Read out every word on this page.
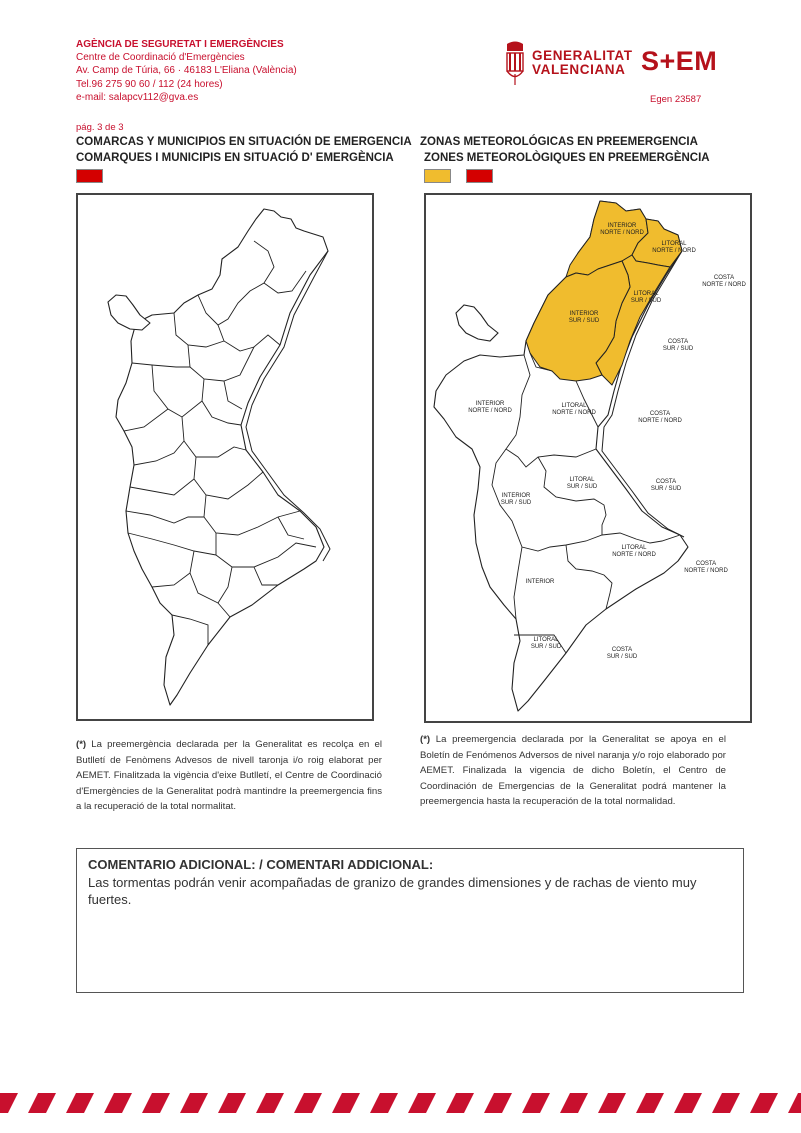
AGÈNCIA DE SEGURETAT I EMERGÈNCIES
Centre de Coordinació d'Emergències
Av. Camp de Túria, 66 · 46183 L'Eliana (València)
Tel.96 275 90 60 / 112 (24 hores)
e-mail: salapcv112@gva.es
GENERALITAT
VALENCIANA S+EM
Egen 23587
pág. 3 de 3
COMARCAS Y MUNICIPIOS EN SITUACIÓN DE EMERGENCIA
COMARQUES I MUNICIPIS EN SITUACIÓ D' EMERGÈNCIA
ZONAS METEOROLÓGICAS EN PREEMERGENCIA
ZONES METEOROLÒGIQUES EN PREEMERGÈNCIA
INTERIOR NORTE / NORD
LITORAL NORTE / NORD
COSTA NORTE / NORD
LITORAL SUR / SUD
INTERIOR SUR / SUD
COSTA SUR / SUD
INTERIOR NORTE / NORD
LITORAL NORTE / NORD	COSTA NORTE / NORD
LITORAL SUR / SUD
COSTA SUR / SUD
INTERIOR SUR / SUD
LITORAL NORTE / NORD
COSTA NORTE / NORD
INTERIOR
LITORAL SUR / SUD	COSTA SUR / SUD
(*) La preemergència declarada per la Generalitat es recolça en el Butlletí de Fenòmens Advesos de nivell taronja i/o roig elaborat per AEMET. Finalitzada la vigència d'eixe Butlletí, el Centre de Coordinació d'Emergències de la Generalitat podrà mantindre la preemergencia fins a la recuperació de la total normalitat.
(*) La preemergencia declarada por la Generalitat se apoya en el Boletín de Fenómenos Adversos de nivel naranja y/o rojo elaborado por AEMET. Finalizada la vigencia de dicho Boletín, el Centro de Coordinación de Emergencias de la Generalitat podrá mantener la preemergencia hasta la recuperación de la total normalidad.
COMENTARIO ADICIONAL: / COMENTARI ADDICIONAL:
Las tormentas podrán venir acompañadas de granizo de grandes dimensiones y de rachas de viento muy fuertes.
